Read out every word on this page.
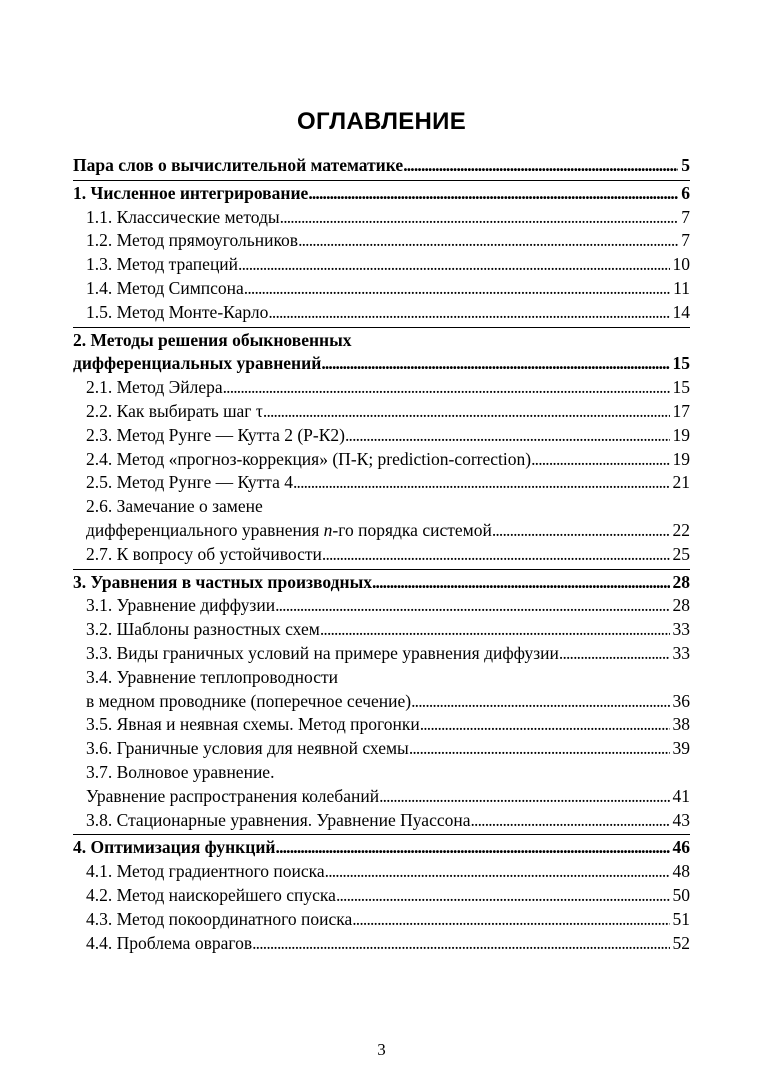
ОГЛАВЛЕНИЕ
Пара слов о вычислительной математике . . .	5
1. Численное интегрирование . . .	6
1.1. Классические методы . . .	7
1.2. Метод прямоугольников . . .	7
1.3. Метод трапеций . . .	10
1.4. Метод Симпсона . . .	11
1.5. Метод Монте-Карло . . .	14
2. Методы решения обыкновенных
дифференциальных уравнений . . .	15
2.1. Метод Эйлера . . .	15
2.2. Как выбирать шаг τ . . .	17
2.3. Метод Рунге — Кутта 2 (Р-К2) . . .	19
2.4. Метод «прогноз-коррекция» (П-К; prediction-correction) . . .	19
2.5. Метод Рунге — Кутта 4 . . .	21
2.6. Замечание о замене
дифференциального уравнения n-го порядка системой . . .	22
2.7. К вопросу об устойчивости . . .	25
3. Уравнения в частных производных . . .	28
3.1. Уравнение диффузии . . .	28
3.2. Шаблоны разностных схем . . .	33
3.3. Виды граничных условий на примере уравнения диффузии . . .	33
3.4. Уравнение теплопроводности
в медном проводнике (поперечное сечение) . . .	36
3.5. Явная и неявная схемы. Метод прогонки . . .	38
3.6. Граничные условия для неявной схемы . . .	39
3.7. Волновое уравнение.
Уравнение распространения колебаний . . .	41
3.8. Стационарные уравнения. Уравнение Пуассона . . .	43
4. Оптимизация функций . . .	46
4.1. Метод градиентного поиска . . .	48
4.2. Метод наискорейшего спуска . . .	50
4.3. Метод покоординатного поиска . . .	51
4.4. Проблема оврагов . . .	52
3
